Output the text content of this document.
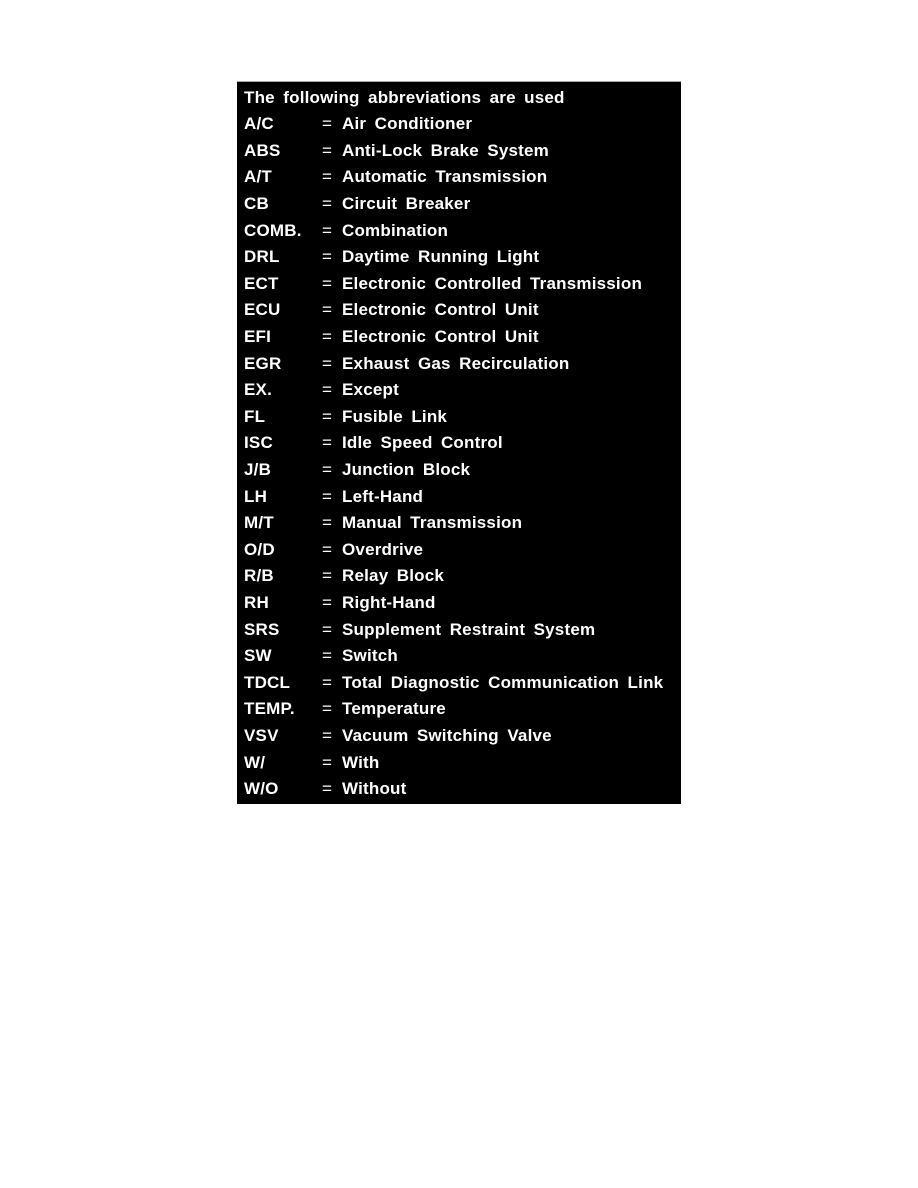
The following abbreviations are used
A/C	= Air Conditioner
ABS	= Anti-Lock Brake System
A/T	= Automatic Transmission
CB	= Circuit Breaker
COMB.	= Combination
DRL	= Daytime Running Light
ECT	= Electronic Controlled Transmission
ECU	= Electronic Control Unit
EFI	= Electronic Control Unit
EGR	= Exhaust Gas Recirculation
EX.	= Except
FL	= Fusible Link
ISC	= Idle Speed Control
J/B	= Junction Block
LH	= Left-Hand
M/T	= Manual Transmission
O/D	= Overdrive
R/B	= Relay Block
RH	= Right-Hand
SRS	= Supplement Restraint System
SW	= Switch
TDCL	= Total Diagnostic Communication Link
TEMP.	= Temperature
VSV	= Vacuum Switching Valve
W/	= With
W/O	= Without
